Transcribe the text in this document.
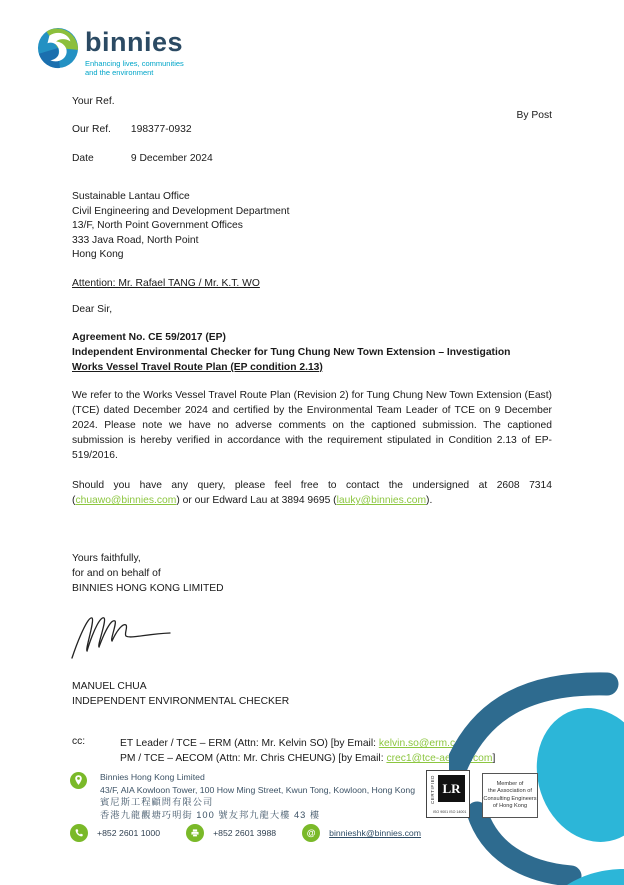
binnies
Enhancing lives, communities
and the environment
Your Ref.
By Post
Our Ref. 198377-0932
Date	9 December 2024
Sustainable Lantau Office
Civil Engineering and Development Department
13/F, North Point Government Offices
333 Java Road, North Point
Hong Kong
Attention: Mr. Rafael TANG / Mr. K.T. WO
Dear Sir,
Agreement No. CE 59/2017 (EP)
Independent Environmental Checker for Tung Chung New Town Extension – Investigation
Works Vessel Travel Route Plan (EP condition 2.13)
We refer to the Works Vessel Travel Route Plan (Revision 2) for Tung Chung New Town Extension (East) (TCE) dated December 2024 and certified by the Environmental Team Leader of TCE on 9 December 2024. Please note we have no adverse comments on the captioned submission. The captioned submission is hereby verified in accordance with the requirement stipulated in Condition 2.13 of EP-519/2016.
Should you have any query, please feel free to contact the undersigned at 2608 7314 (chuawo@binnies.com) or our Edward Lau at 3894 9695 (lauky@binnies.com).
Yours faithfully,
for and on behalf of
BINNIES HONG KONG LIMITED
MANUEL CHUA
INDEPENDENT ENVIRONMENTAL CHECKER
cc:	ET Leader / TCE – ERM (Attn: Mr. Kelvin SO) [by Email: kelvin.so@erm.com]
PM / TCE – AECOM (Attn: Mr. Chris CHEUNG) [by Email: crec1@tce-aecom.com]
Binnies Hong Kong Limited
43/F, AIA Kowloon Tower, 100 How Ming Street, Kwun Tong, Kowloon, Hong Kong
賓尼斯工程顧問有限公司
香港九龍觀塘巧明街 100 號友邦九龍大樓 43 樓
+852 2601 1000	+852 2601 3988	@	binnieshk@binnies.com
CERTIFIED LR
ISO 9001 ISO 14001
Member of
the Association of
Consulting Engineers
of Hong Kong
